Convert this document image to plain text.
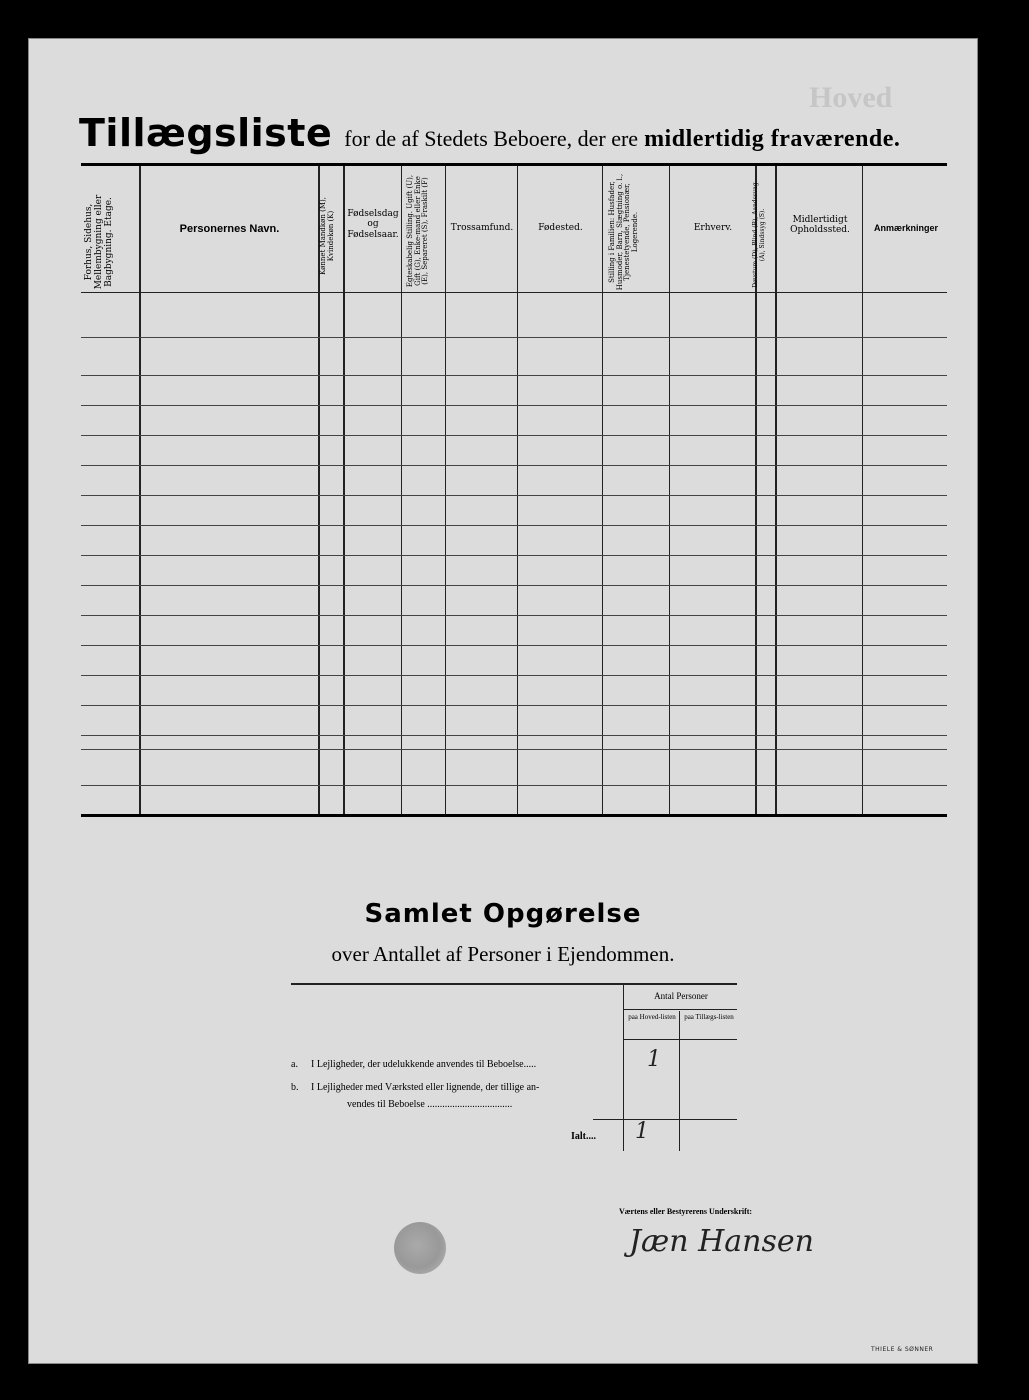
Hoved
Tillægsliste for de af Stedets Beboere, der ere midlertidig fraværende.
Forhus, Sidehus, Mellembygning eller Bagbygning. Etage.	Personernes Navn.	Kønnet Mandkøn (M), Kvindekøn (K)	Fødselsdag og Fødselsaar.	Egteskabelig Stilling. Ugift (U), Gift (G), Enke-mand eller Enke (E), Separeret (S), Fraskilt (F)	Trossamfund.	Fødested.	Stilling i Familien: Husfader, Husmoder, Barn, Slægtning o. l., Tjenestetyende, Pensionær, Logerende.	Erhverv.	Døvstum (D), Blind (B), Aandssvag (A), Sindssyg (S).	Midlertidigt Opholdssted.	Anmærkninger
Samlet Opgørelse
over Antallet af Personer i Ejendommen.
Antal Personer
paa Hoved-listen	paa Tillægs-listen
a. I Lejligheder, der udelukkende anvendes til Beboelse.....	1
b. I Lejligheder med Værksted eller lignende, der tillige an-
vendes til Beboelse ..................................
Ialt.... 1
Værtens eller Bestyrerens Underskrift:
Jæn Hansen
THIELE & SØNNER
